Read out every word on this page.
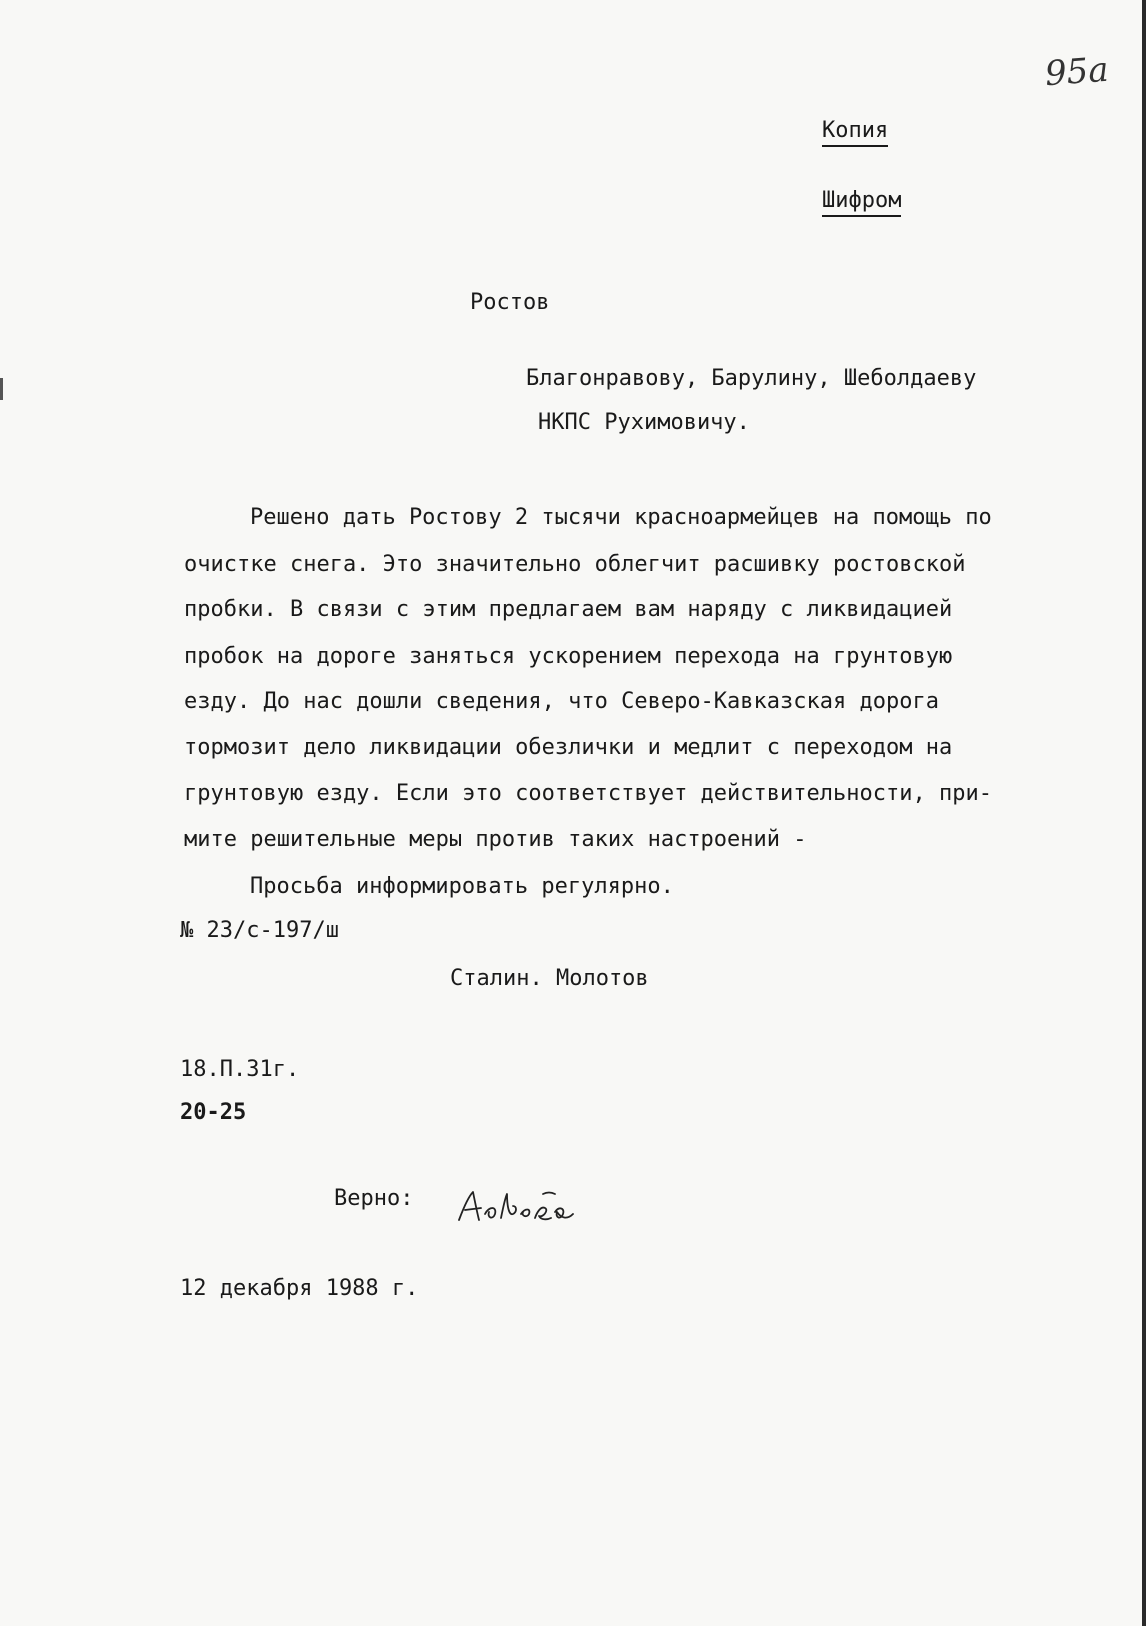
95а
Копия
Шифром
Ростов
Благонравову, Барулину, Шеболдаеву
НКПС Рухимовичу.
Решено дать Ростову 2 тысячи красноармейцев на помощь по
очистке снега. Это значительно облегчит расшивку ростовской
пробки. В связи с этим предлагаем вам наряду с ликвидацией
пробок на дороге заняться ускорением перехода на грунтовую
езду. До нас дошли сведения, что Северо-Кавказская дорога
тормозит дело ликвидации обезлички и медлит с переходом на
грунтовую езду. Если это соответствует действительности, при-
мите решительные меры против таких настроений -
Просьба информировать регулярно.
№ 23/с-197/ш
Сталин. Молотов
18.П.31г.
20-25
Верно:
12 декабря 1988 г.
